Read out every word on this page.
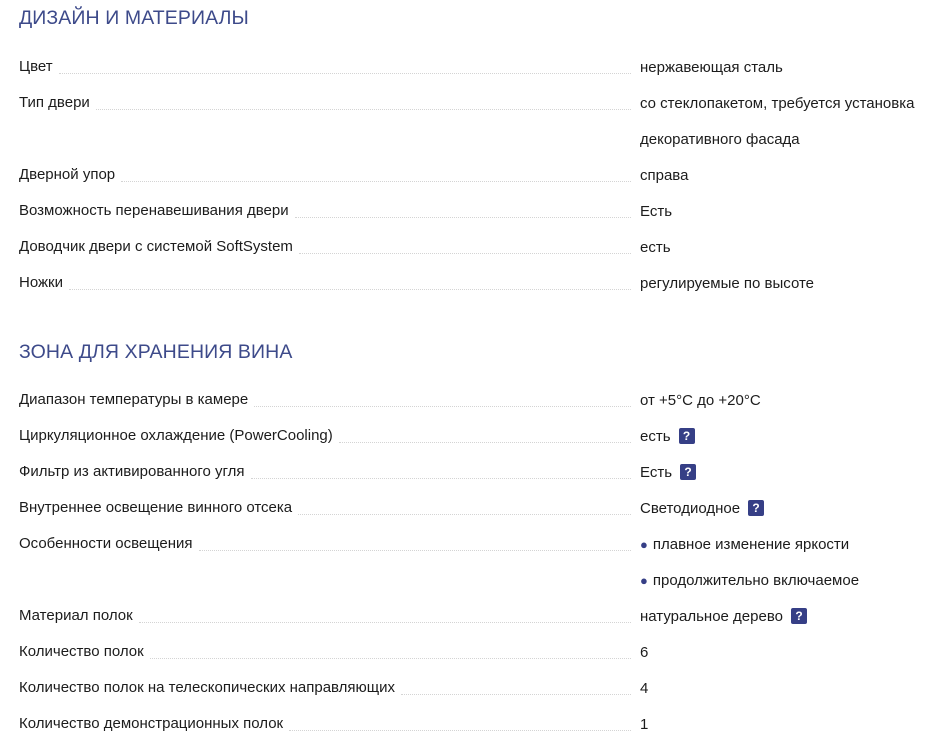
ДИЗАЙН И МАТЕРИАЛЫ
Цвет	нержавеющая сталь
Тип двери	со стеклопакетом, требуется установка
декоративного фасада
Дверной упор	справа
Возможность перенавешивания двери	Есть
Доводчик двери с системой SoftSystem	есть
Ножки	регулируемые по высоте
ЗОНА ДЛЯ ХРАНЕНИЯ ВИНА
Диапазон температуры в камере	от +5°C до +20°C
Циркуляционное охлаждение (PowerCooling)	есть	?
Фильтр из активированного угля	Есть	?
Внутреннее освещение винного отсека	Светодиодное	?
Особенности освещения	● плавное изменение яркости
● продолжительно включаемое
Материал полок	натуральное дерево	?
Количество полок	6
Количество полок на телескопических направляющих	4
Количество демонстрационных полок	1
